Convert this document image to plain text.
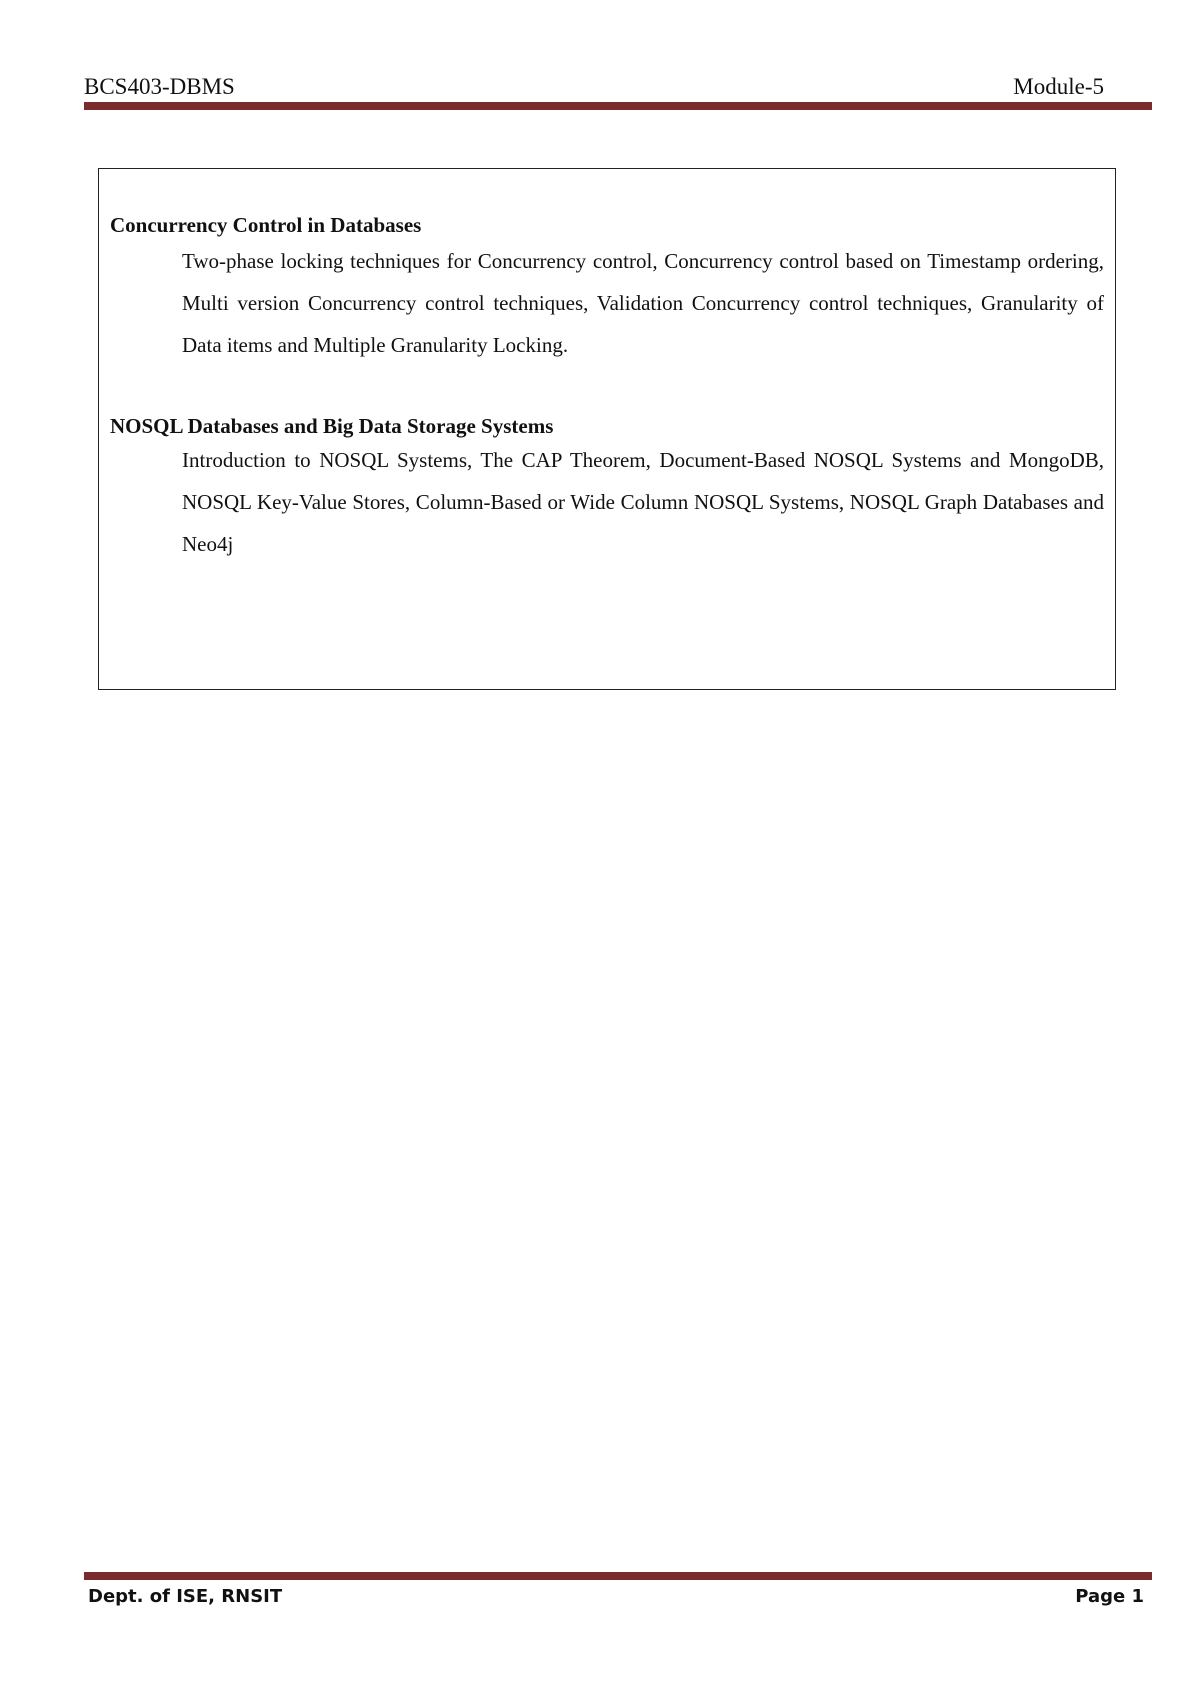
BCS403-DBMS	Module-5
Concurrency Control in Databases

Two-phase locking techniques for Concurrency control, Concurrency control based on Timestamp ordering, Multi version Concurrency control techniques, Validation Concurrency control techniques, Granularity of Data items and Multiple Granularity Locking.

NOSQL Databases and Big Data Storage Systems

Introduction to NOSQL Systems, The CAP Theorem, Document-Based NOSQL Systems and MongoDB, NOSQL Key-Value Stores, Column-Based or Wide Column NOSQL Systems, NOSQL Graph Databases and Neo4j

Dept. of ISE, RNSIT	Page 1
